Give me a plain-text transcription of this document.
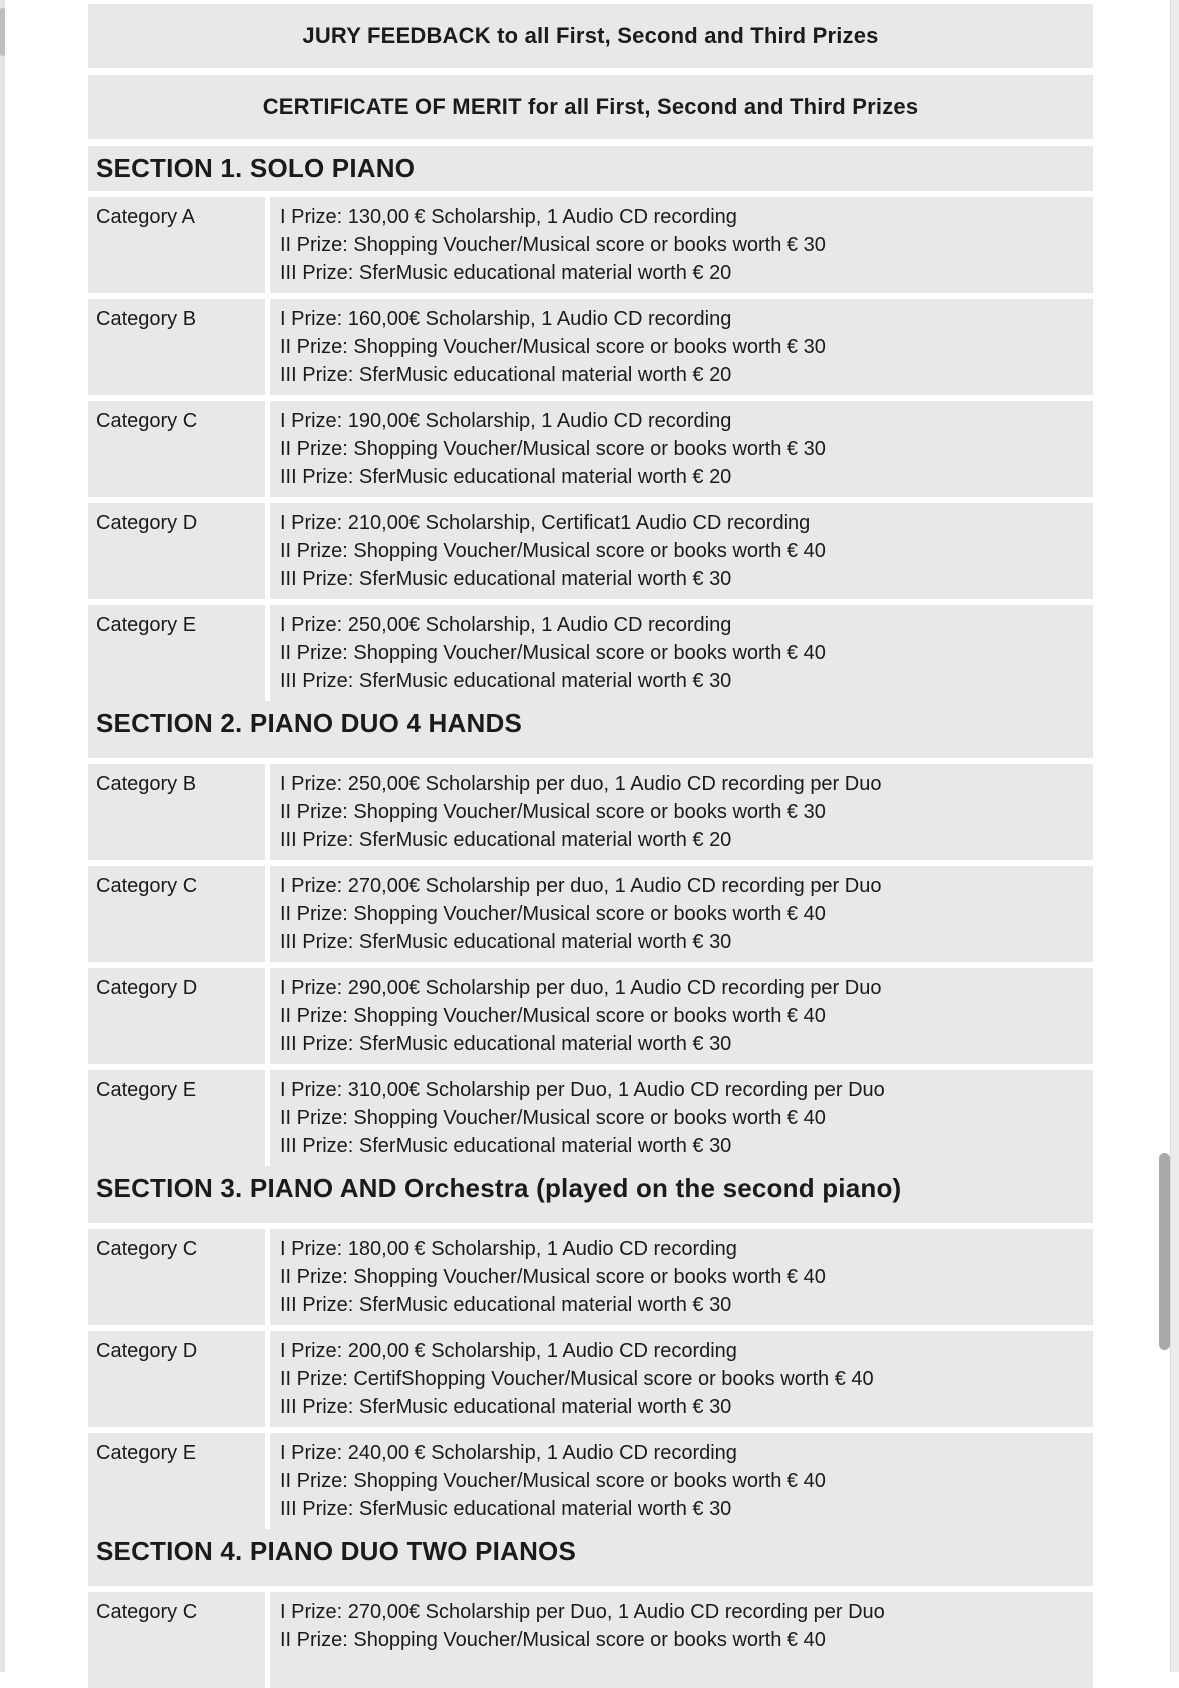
JURY FEEDBACK to all First, Second and Third Prizes
CERTIFICATE OF MERIT for all First, Second and Third Prizes
SECTION 1. SOLO PIANO
Category A	I Prize: 130,00 € Scholarship, 1 Audio CD recording
II Prize: Shopping Voucher/Musical score or books worth € 30
III Prize: SferMusic educational material worth € 20
Category B	I Prize: 160,00€ Scholarship, 1 Audio CD recording
II Prize: Shopping Voucher/Musical score or books worth € 30
III Prize: SferMusic educational material worth € 20
Category C	I Prize: 190,00€ Scholarship, 1 Audio CD recording
II Prize: Shopping Voucher/Musical score or books worth € 30
III Prize: SferMusic educational material worth € 20
Category D	I Prize: 210,00€ Scholarship, Certificat1 Audio CD recording
II Prize: Shopping Voucher/Musical score or books worth € 40
III Prize: SferMusic educational material worth € 30
Category E	I Prize: 250,00€ Scholarship, 1 Audio CD recording
II Prize: Shopping Voucher/Musical score or books worth € 40
III Prize: SferMusic educational material worth € 30
SECTION 2. PIANO DUO 4 HANDS
Category B	I Prize: 250,00€ Scholarship per duo, 1 Audio CD recording per Duo
II Prize: Shopping Voucher/Musical score or books worth € 30
III Prize: SferMusic educational material worth € 20
Category C	I Prize: 270,00€ Scholarship per duo, 1 Audio CD recording per Duo
II Prize: Shopping Voucher/Musical score or books worth € 40
III Prize: SferMusic educational material worth € 30
Category D	I Prize: 290,00€ Scholarship per duo, 1 Audio CD recording per Duo
II Prize: Shopping Voucher/Musical score or books worth € 40
III Prize: SferMusic educational material worth € 30
Category E	I Prize: 310,00€ Scholarship per Duo, 1 Audio CD recording per Duo
II Prize: Shopping Voucher/Musical score or books worth € 40
III Prize: SferMusic educational material worth € 30
SECTION 3. PIANO AND Orchestra (played on the second piano)
Category C	I Prize: 180,00 € Scholarship, 1 Audio CD recording
II Prize: Shopping Voucher/Musical score or books worth € 40
III Prize: SferMusic educational material worth € 30
Category D	I Prize: 200,00 € Scholarship, 1 Audio CD recording
II Prize: CertifShopping Voucher/Musical score or books worth € 40
III Prize: SferMusic educational material worth € 30
Category E	I Prize: 240,00 € Scholarship, 1 Audio CD recording
II Prize: Shopping Voucher/Musical score or books worth € 40
III Prize: SferMusic educational material worth € 30
SECTION 4. PIANO DUO TWO PIANOS
Category C	I Prize: 270,00€ Scholarship per Duo, 1 Audio CD recording per Duo
II Prize: Shopping Voucher/Musical score or books worth € 40
